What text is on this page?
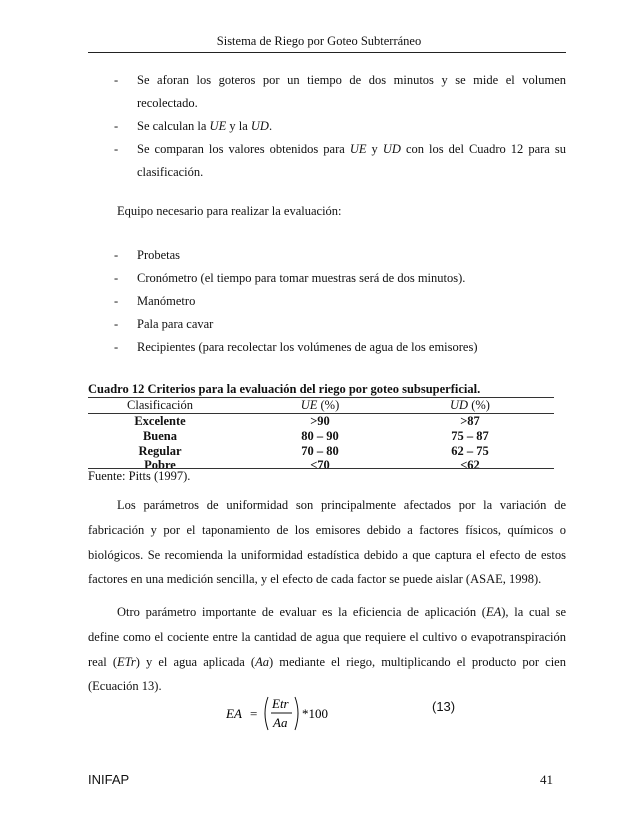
Sistema de Riego por Goteo Subterráneo
- Se aforan los goteros por un tiempo de dos minutos y se mide el volumen
recolectado.
- Se calculan la UE y la UD.
- Se comparan los valores obtenidos para UE y UD con los del Cuadro 12 para su
clasificación.
Equipo necesario para realizar la evaluación:
- Probetas
- Cronómetro (el tiempo para tomar muestras será de dos minutos).
- Manómetro
- Pala para cavar
- Recipientes (para recolectar los volúmenes de agua de los emisores)
Cuadro 12 Criterios para la evaluación del riego por goteo subsuperficial.
Clasificación	UE (%)	UD (%)
Excelente	>90	>87
Buena	80 – 90	75 – 87
Regular	70 – 80	62 – 75
Pobre	<70	<62
Fuente: Pitts (1997).
Los parámetros de uniformidad son principalmente afectados por la variación de
fabricación y por el taponamiento de los emisores debido a factores físicos, químicos o
biológicos. Se recomienda la uniformidad estadística debido a que captura el efecto de estos
factores en una medición sencilla, y el efecto de cada factor se puede aislar (ASAE, 1998).
Otro parámetro importante de evaluar es la eficiencia de aplicación (EA), la cual se
define como el cociente entre la cantidad de agua que requiere el cultivo o evapotranspiración
real (ETr) y el agua aplicada (Aa) mediante el riego, multiplicando el producto por cien
(Ecuación 13).
EA =
Etr
Aa
*100	(13)
INIFAP	41
